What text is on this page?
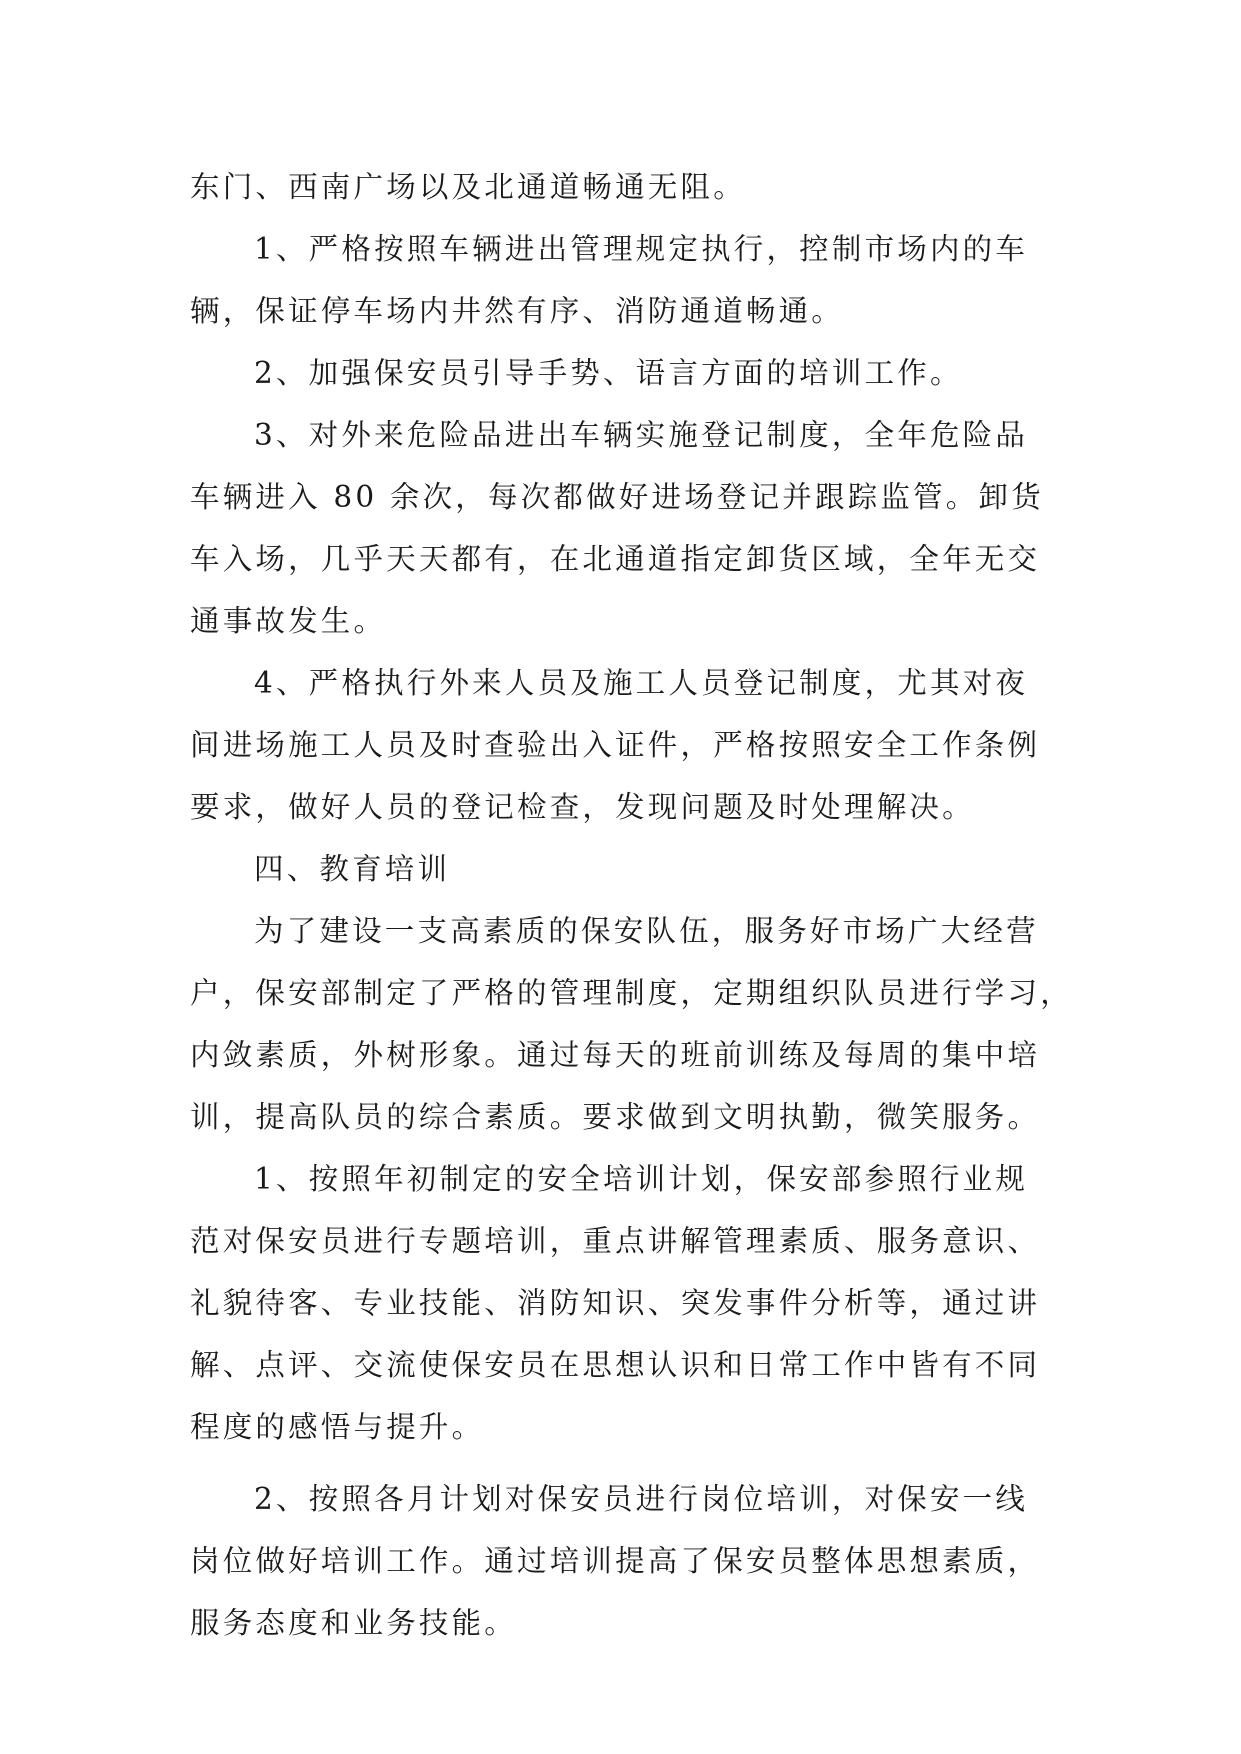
东门、西南广场以及北通道畅通无阻。
1、严格按照车辆进出管理规定执行，控制市场内的车
辆，保证停车场内井然有序、消防通道畅通。
2、加强保安员引导手势、语言方面的培训工作。
3、对外来危险品进出车辆实施登记制度，全年危险品
车辆进入 80 余次，每次都做好进场登记并跟踪监管。卸货
车入场，几乎天天都有，在北通道指定卸货区域，全年无交
通事故发生。
4、严格执行外来人员及施工人员登记制度，尤其对夜
间进场施工人员及时查验出入证件，严格按照安全工作条例
要求，做好人员的登记检查，发现问题及时处理解决。
四、教育培训
为了建设一支高素质的保安队伍，服务好市场广大经营
户，保安部制定了严格的管理制度，定期组织队员进行学习，
内敛素质，外树形象。通过每天的班前训练及每周的集中培
训，提高队员的综合素质。要求做到文明执勤，微笑服务。
1、按照年初制定的安全培训计划，保安部参照行业规
范对保安员进行专题培训，重点讲解管理素质、服务意识、
礼貌待客、专业技能、消防知识、突发事件分析等，通过讲
解、点评、交流使保安员在思想认识和日常工作中皆有不同
程度的感悟与提升。
2、按照各月计划对保安员进行岗位培训，对保安一线
岗位做好培训工作。通过培训提高了保安员整体思想素质，
服务态度和业务技能。
